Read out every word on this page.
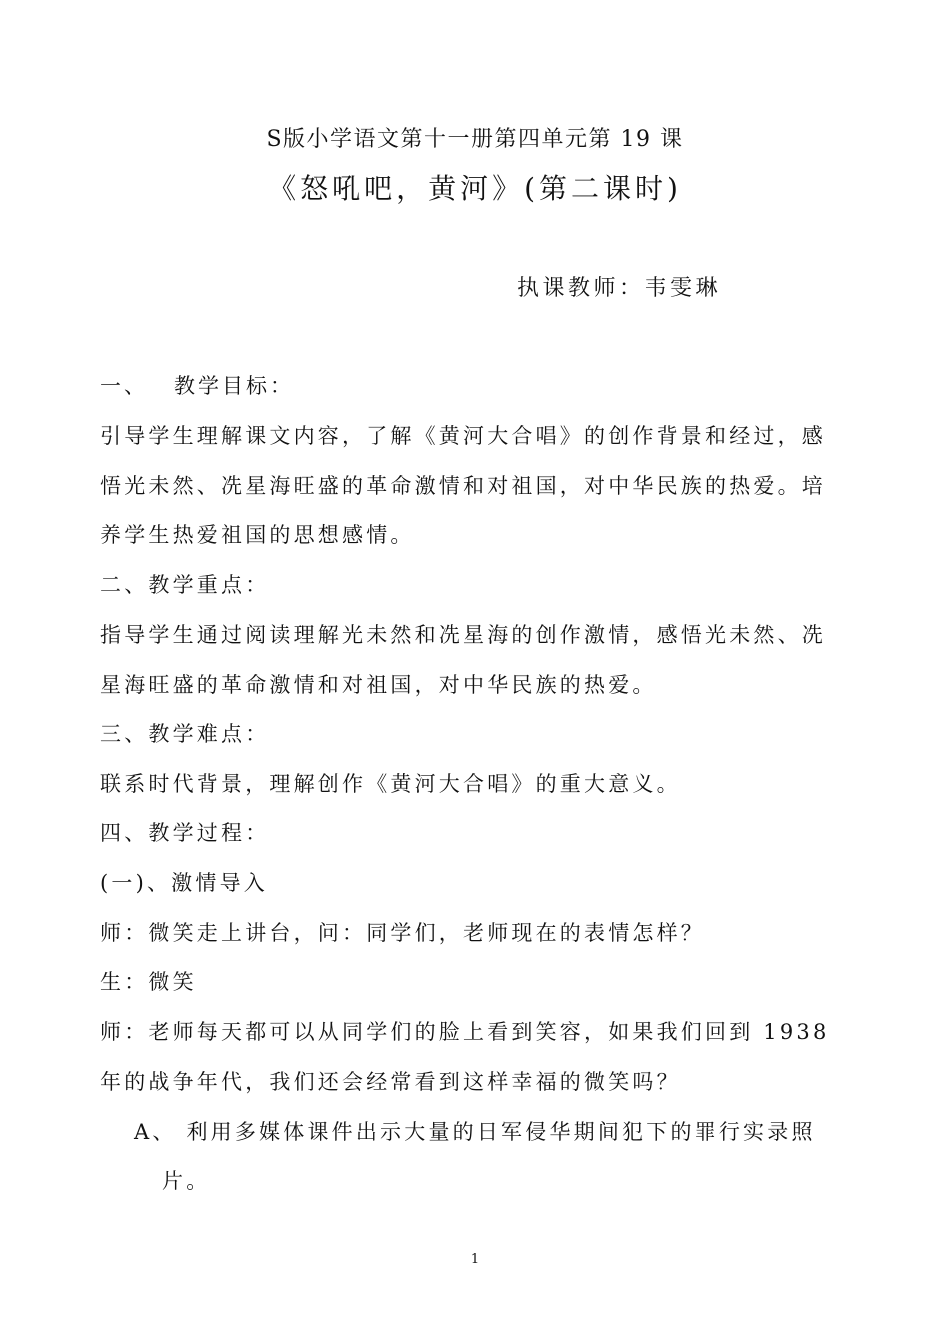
S版小学语文第十一册第四单元第 19 课
《怒吼吧，黄河》(第二课时)
执课教师：韦雯琳
一、 教学目标：
引导学生理解课文内容，了解《黄河大合唱》的创作背景和经过，感
悟光未然、冼星海旺盛的革命激情和对祖国，对中华民族的热爱。培
养学生热爱祖国的思想感情。
二、教学重点：
指导学生通过阅读理解光未然和冼星海的创作激情，感悟光未然、冼
星海旺盛的革命激情和对祖国，对中华民族的热爱。
三、教学难点：
联系时代背景，理解创作《黄河大合唱》的重大意义。
四、教学过程：
(一)、激情导入
师：微笑走上讲台，问：同学们，老师现在的表情怎样？
生：微笑
师：老师每天都可以从同学们的脸上看到笑容，如果我们回到 1938
年的战争年代，我们还会经常看到这样幸福的微笑吗？
A、 利用多媒体课件出示大量的日军侵华期间犯下的罪行实录照
片。
1
